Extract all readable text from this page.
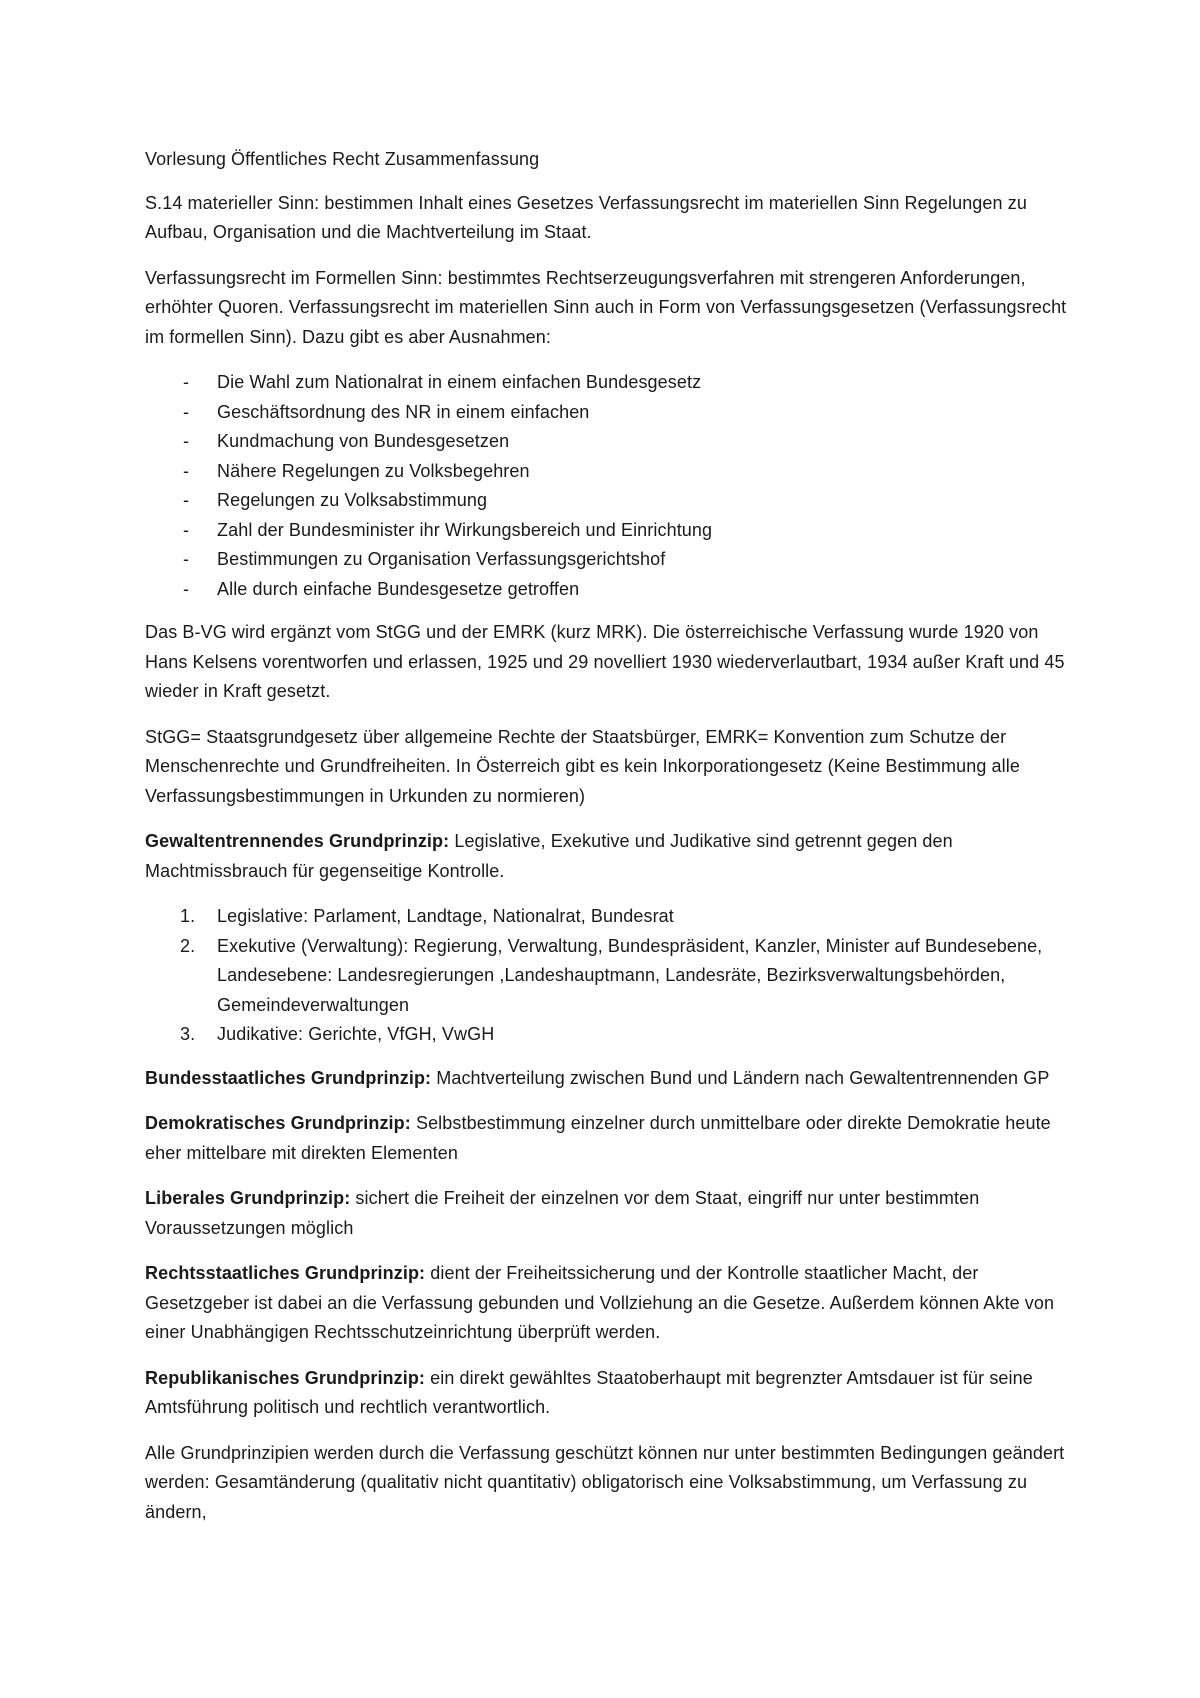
Vorlesung Öffentliches Recht Zusammenfassung

S.14 materieller Sinn: bestimmen Inhalt eines Gesetzes Verfassungsrecht im materiellen Sinn Regelungen zu Aufbau, Organisation und die Machtverteilung im Staat.

Verfassungsrecht im Formellen Sinn: bestimmtes Rechtserzeugungsverfahren mit strengeren Anforderungen, erhöhter Quoren. Verfassungsrecht im materiellen Sinn auch in Form von Verfassungsgesetzen (Verfassungsrecht im formellen Sinn). Dazu gibt es aber Ausnahmen:

- Die Wahl zum Nationalrat in einem einfachen Bundesgesetz
- Geschäftsordnung des NR in einem einfachen
- Kundmachung von Bundesgesetzen
- Nähere Regelungen zu Volksbegehren
- Regelungen zu Volksabstimmung
- Zahl der Bundesminister ihr Wirkungsbereich und Einrichtung
- Bestimmungen zu Organisation Verfassungsgerichtshof
- Alle durch einfache Bundesgesetze getroffen

Das B-VG wird ergänzt vom StGG und der EMRK (kurz MRK). Die österreichische Verfassung wurde 1920 von Hans Kelsens vorentworfen und erlassen, 1925 und 29 novelliert 1930 wiederverlautbart, 1934 außer Kraft und 45 wieder in Kraft gesetzt.

StGG= Staatsgrundgesetz über allgemeine Rechte der Staatsbürger, EMRK= Konvention zum Schutze der Menschenrechte und Grundfreiheiten. In Österreich gibt es kein Inkorporationgesetz (Keine Bestimmung alle Verfassungsbestimmungen in Urkunden zu normieren)

Gewaltentrennendes Grundprinzip: Legislative, Exekutive und Judikative sind getrennt gegen den Machtmissbrauch für gegenseitige Kontrolle.

1. Legislative: Parlament, Landtage, Nationalrat, Bundesrat
2. Exekutive (Verwaltung): Regierung, Verwaltung, Bundespräsident, Kanzler, Minister auf Bundesebene, Landesebene: Landesregierungen ,Landeshauptmann, Landesräte, Bezirksverwaltungsbehörden, Gemeindeverwaltungen
3. Judikative: Gerichte, VfGH, VwGH

Bundesstaatliches Grundprinzip: Machtverteilung zwischen Bund und Ländern nach Gewaltentrennenden GP

Demokratisches Grundprinzip: Selbstbestimmung einzelner durch unmittelbare oder direkte Demokratie heute eher mittelbare mit direkten Elementen

Liberales Grundprinzip: sichert die Freiheit der einzelnen vor dem Staat, eingriff nur unter bestimmten Voraussetzungen möglich

Rechtsstaatliches Grundprinzip: dient der Freiheitssicherung und der Kontrolle staatlicher Macht, der Gesetzgeber ist dabei an die Verfassung gebunden und Vollziehung an die Gesetze. Außerdem können Akte von einer Unabhängigen Rechtsschutzeinrichtung überprüft werden.

Republikanisches Grundprinzip: ein direkt gewähltes Staatoberhaupt mit begrenzter Amtsdauer ist für seine Amtsführung politisch und rechtlich verantwortlich.

Alle Grundprinzipien werden durch die Verfassung geschützt können nur unter bestimmten Bedingungen geändert werden: Gesamtänderung (qualitativ nicht quantitativ) obligatorisch eine Volksabstimmung, um Verfassung zu ändern,
